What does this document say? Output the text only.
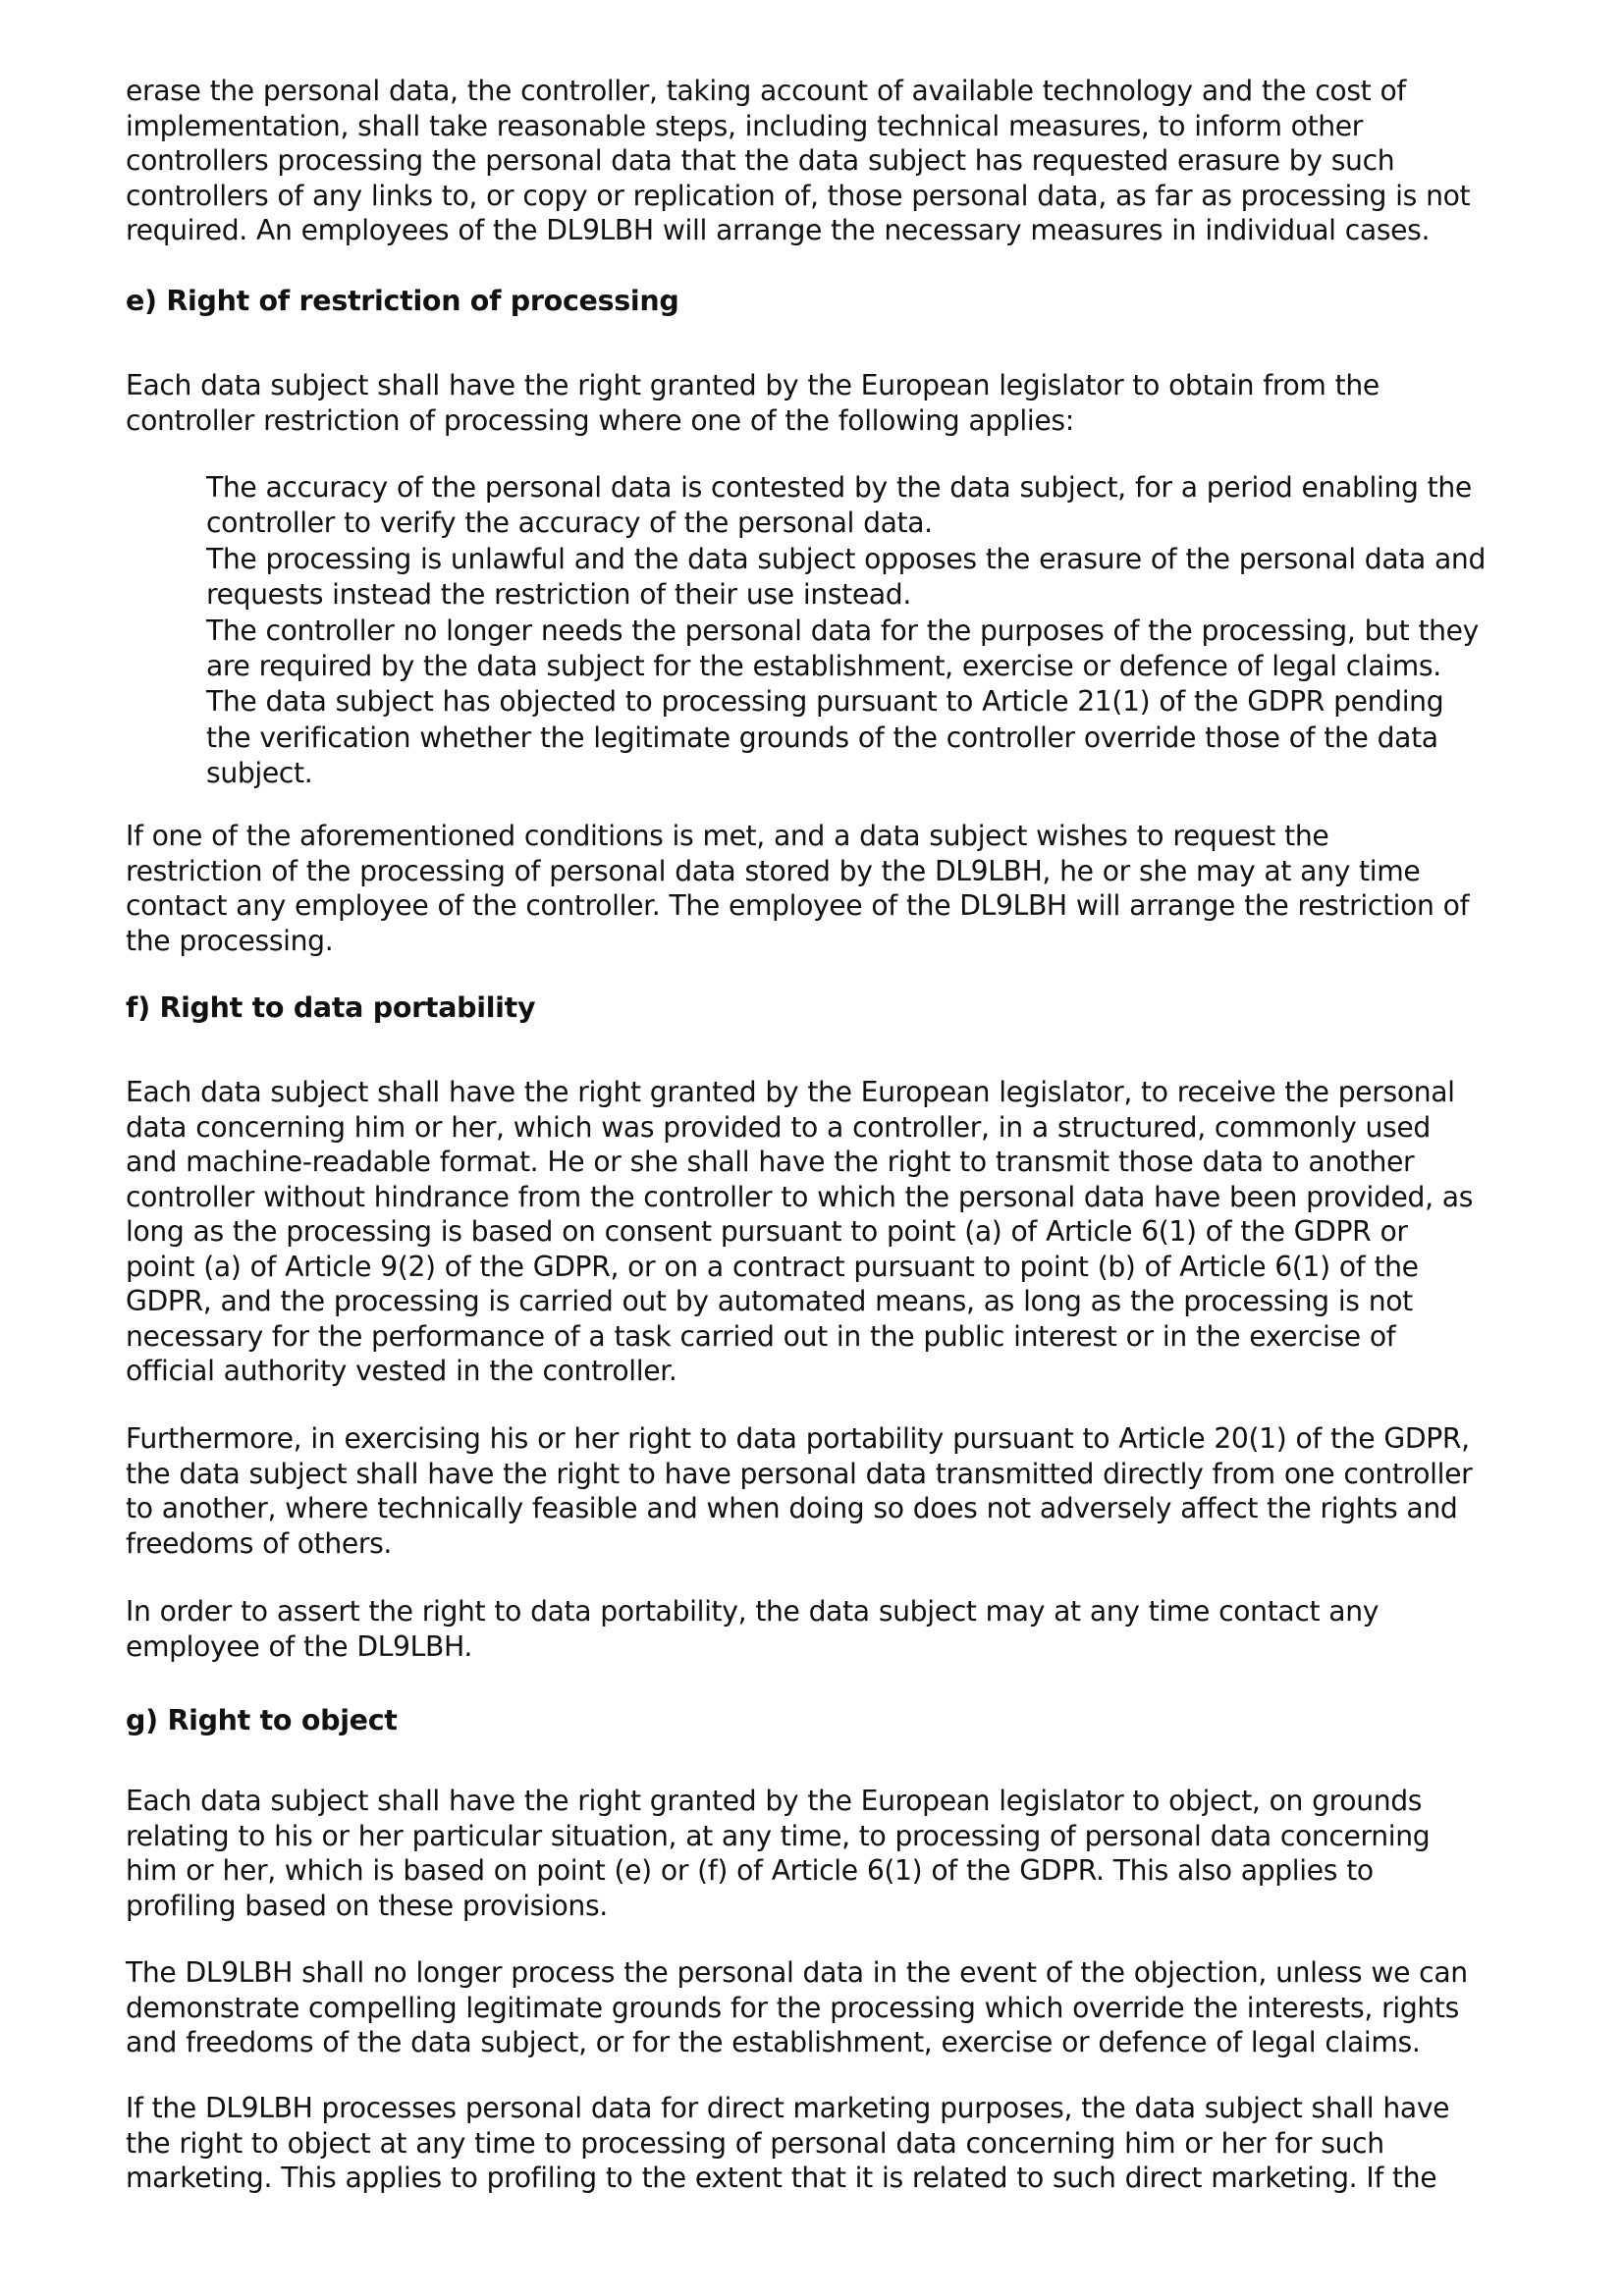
erase the personal data, the controller, taking account of available technology and the cost of
implementation, shall take reasonable steps, including technical measures, to inform other
controllers processing the personal data that the data subject has requested erasure by such
controllers of any links to, or copy or replication of, those personal data, as far as processing is not
required. An employees of the DL9LBH will arrange the necessary measures in individual cases.

e) Right of restriction of processing

Each data subject shall have the right granted by the European legislator to obtain from the
controller restriction of processing where one of the following applies:

The accuracy of the personal data is contested by the data subject, for a period enabling the
controller to verify the accuracy of the personal data.
The processing is unlawful and the data subject opposes the erasure of the personal data and
requests instead the restriction of their use instead.
The controller no longer needs the personal data for the purposes of the processing, but they
are required by the data subject for the establishment, exercise or defence of legal claims.
The data subject has objected to processing pursuant to Article 21(1) of the GDPR pending
the verification whether the legitimate grounds of the controller override those of the data
subject.

If one of the aforementioned conditions is met, and a data subject wishes to request the
restriction of the processing of personal data stored by the DL9LBH, he or she may at any time
contact any employee of the controller. The employee of the DL9LBH will arrange the restriction of
the processing.

f) Right to data portability

Each data subject shall have the right granted by the European legislator, to receive the personal
data concerning him or her, which was provided to a controller, in a structured, commonly used
and machine-readable format. He or she shall have the right to transmit those data to another
controller without hindrance from the controller to which the personal data have been provided, as
long as the processing is based on consent pursuant to point (a) of Article 6(1) of the GDPR or
point (a) of Article 9(2) of the GDPR, or on a contract pursuant to point (b) of Article 6(1) of the
GDPR, and the processing is carried out by automated means, as long as the processing is not
necessary for the performance of a task carried out in the public interest or in the exercise of
official authority vested in the controller.

Furthermore, in exercising his or her right to data portability pursuant to Article 20(1) of the GDPR,
the data subject shall have the right to have personal data transmitted directly from one controller
to another, where technically feasible and when doing so does not adversely affect the rights and
freedoms of others.

In order to assert the right to data portability, the data subject may at any time contact any
employee of the DL9LBH.

g) Right to object

Each data subject shall have the right granted by the European legislator to object, on grounds
relating to his or her particular situation, at any time, to processing of personal data concerning
him or her, which is based on point (e) or (f) of Article 6(1) of the GDPR. This also applies to
profiling based on these provisions.

The DL9LBH shall no longer process the personal data in the event of the objection, unless we can
demonstrate compelling legitimate grounds for the processing which override the interests, rights
and freedoms of the data subject, or for the establishment, exercise or defence of legal claims.

If the DL9LBH processes personal data for direct marketing purposes, the data subject shall have
the right to object at any time to processing of personal data concerning him or her for such
marketing. This applies to profiling to the extent that it is related to such direct marketing. If the
